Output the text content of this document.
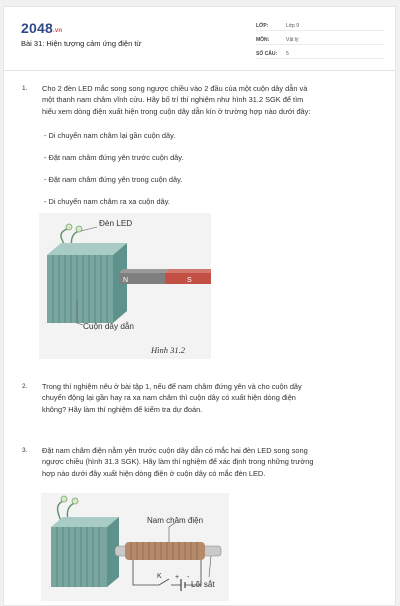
2048.vn
Bài 31: Hiện tượng cảm ứng điện từ
LỚP:	Lớp 9
MÔN:	Vật lý
SỐ CÂU:	5
1. Cho 2 đèn LED mắc song song ngược chiều vào 2 đầu của một cuộn dây dẫn và
một thanh nam châm vĩnh cửu. Hãy bố trí thí nghiệm như hình 31.2 SGK để tìm
hiểu xem dòng điện xuất hiện trong cuộn dây dẫn kín ở trường hợp nào dưới đây:
- Di chuyển nam châm lại gần cuộn dây.
- Đặt nam châm đứng yên trước cuộn dây.
- Đặt nam châm đứng yên trong cuộn dây.
- Di chuyển nam châm ra xa cuộn dây.
N	S
Đèn LED
Cuộn dây dẫn
Hình 31.2
2. Trong thí nghiệm nêu ở bài tập 1, nếu để nam châm đứng yên và cho cuộn dây
chuyển động lại gần hay ra xa nam châm thì cuộn dây có xuất hiện dòng điện
không? Hãy làm thí nghiệm để kiểm tra dự đoán.
3. Đặt nam châm điện nằm yên trước cuộn dây dẫn có mắc hai đèn LED song song
ngược chiều (hình 31.3 SGK). Hãy làm thí nghiệm để xác định trong những trường
hợp nào dưới đây xuất hiện dòng điện ở cuộn dây có mắc đèn LED.
K + -
Nam châm điện
Lõi sắt
